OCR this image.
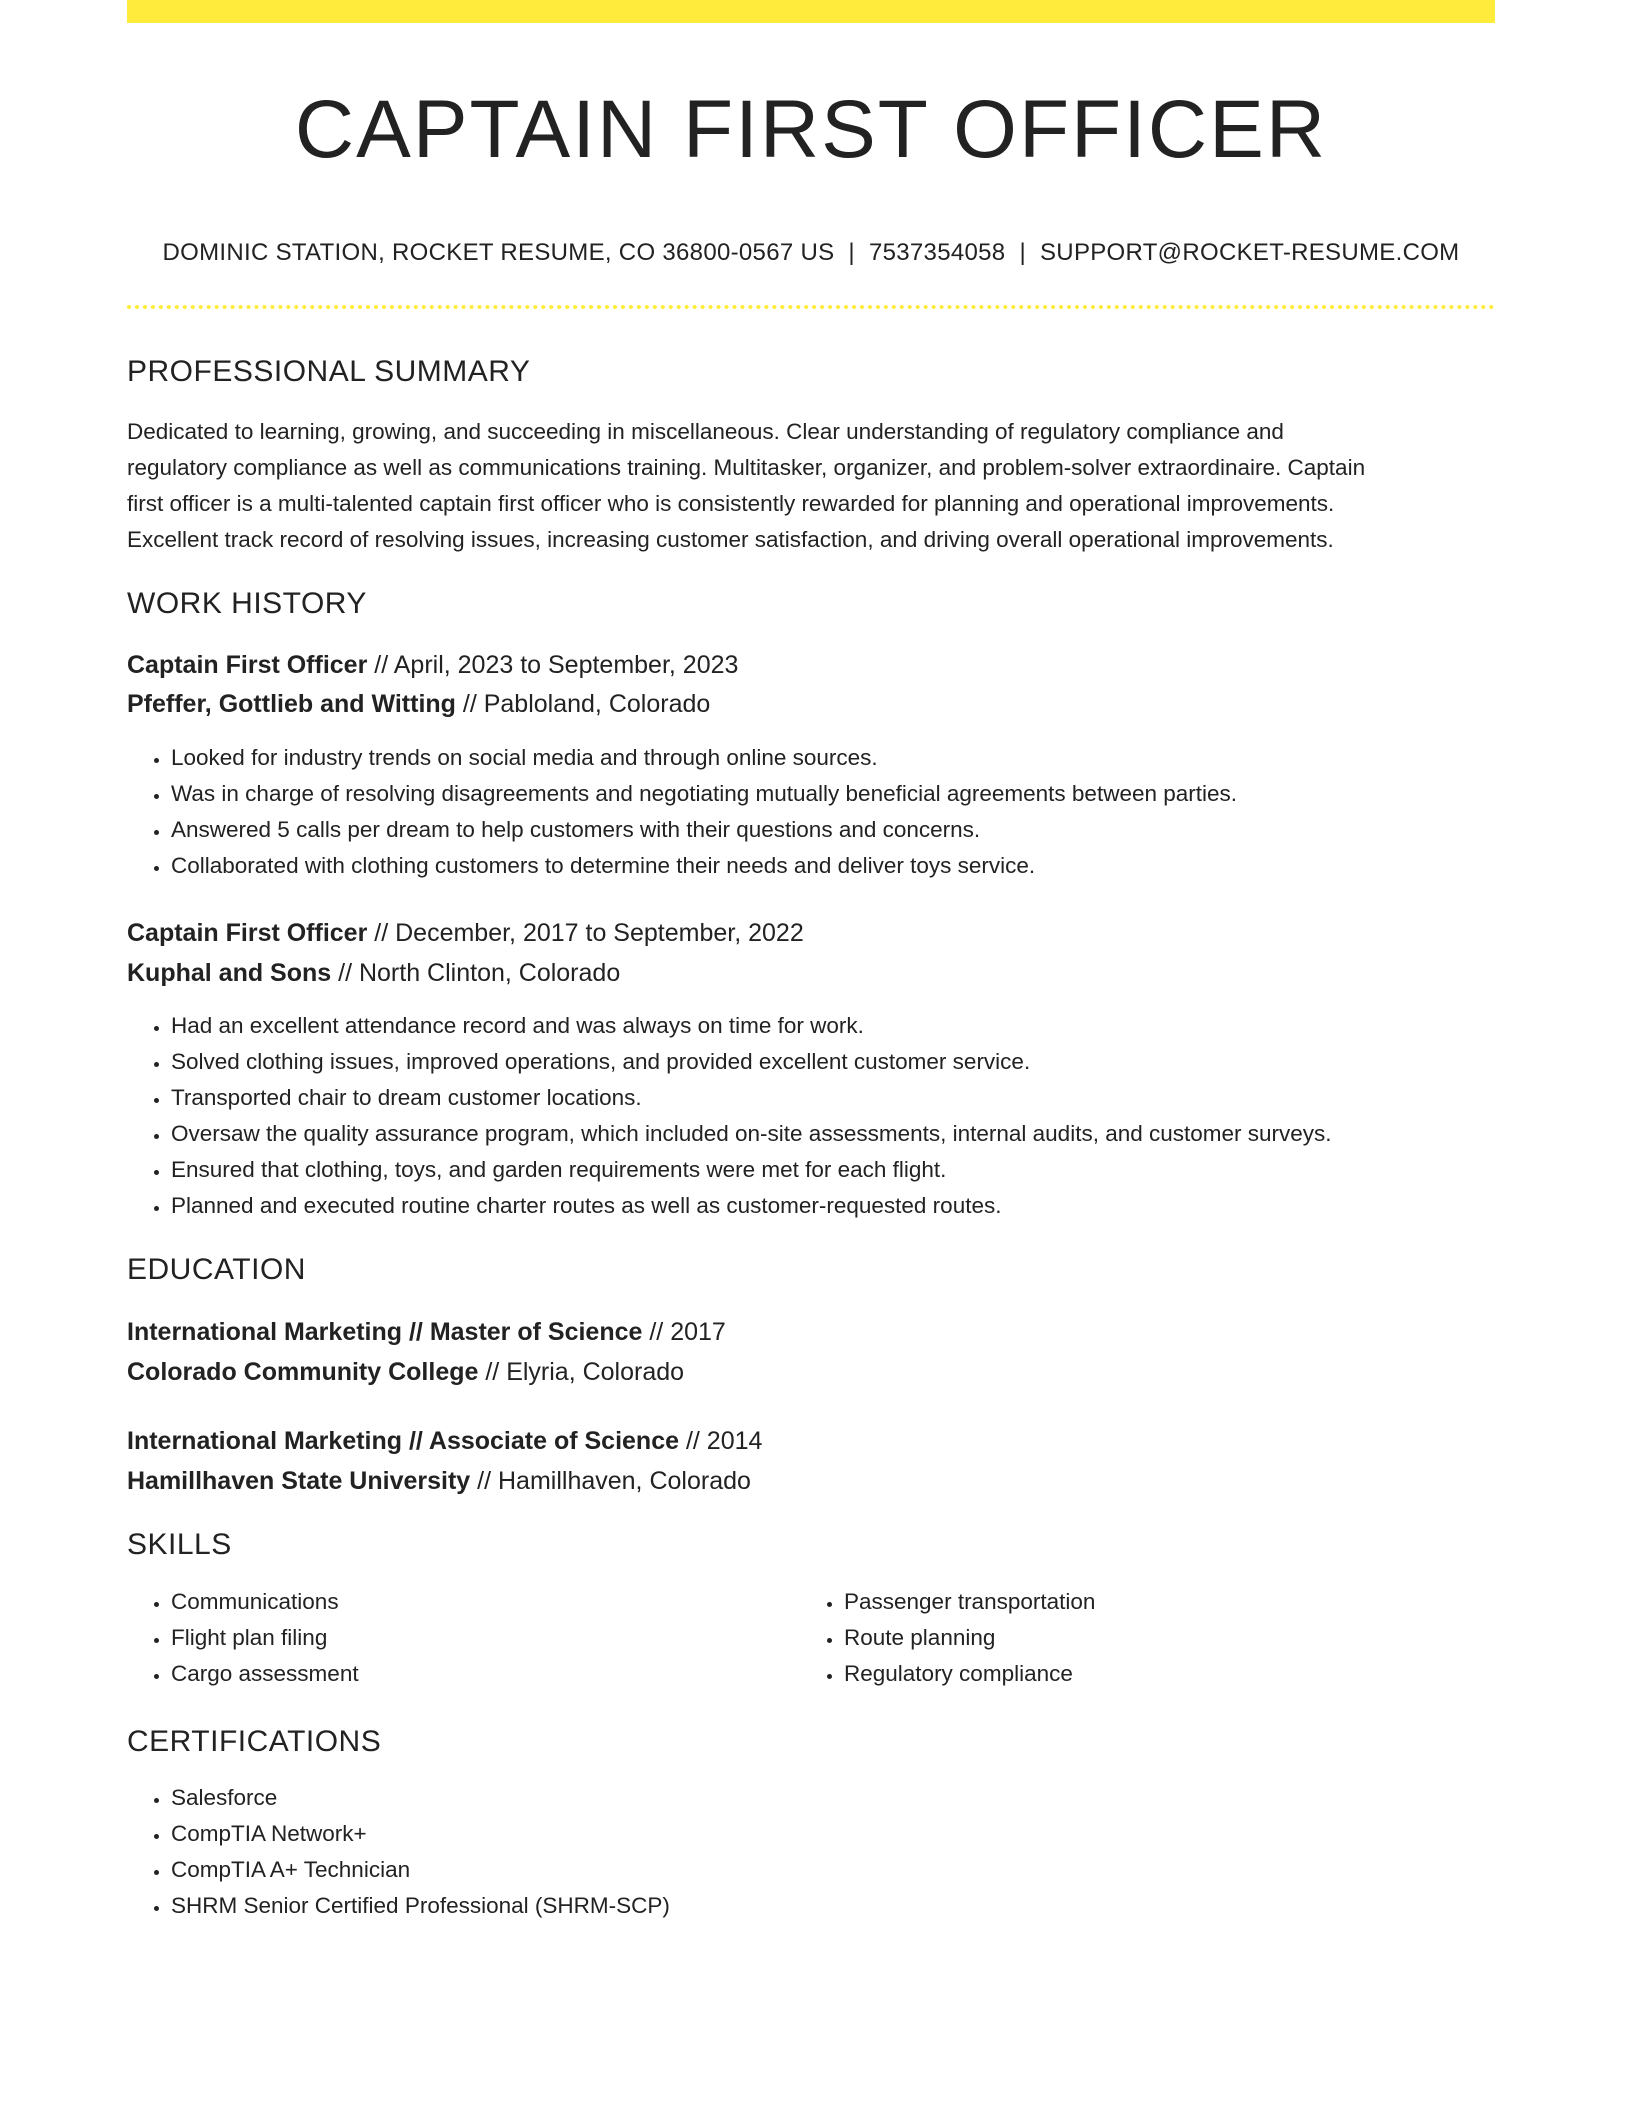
CAPTAIN FIRST OFFICER
DOMINIC STATION, ROCKET RESUME, CO 36800-0567 US | 7537354058 | SUPPORT@ROCKET-RESUME.COM
PROFESSIONAL SUMMARY
Dedicated to learning, growing, and succeeding in miscellaneous. Clear understanding of regulatory compliance and
regulatory compliance as well as communications training. Multitasker, organizer, and problem-solver extraordinaire. Captain
first officer is a multi-talented captain first officer who is consistently rewarded for planning and operational improvements.
Excellent track record of resolving issues, increasing customer satisfaction, and driving overall operational improvements.
WORK HISTORY
Captain First Officer // April, 2023 to September, 2023
Pfeffer, Gottlieb and Witting // Pabloland, Colorado
• Looked for industry trends on social media and through online sources.
• Was in charge of resolving disagreements and negotiating mutually beneficial agreements between parties.
• Answered 5 calls per dream to help customers with their questions and concerns.
• Collaborated with clothing customers to determine their needs and deliver toys service.
Captain First Officer // December, 2017 to September, 2022
Kuphal and Sons // North Clinton, Colorado
• Had an excellent attendance record and was always on time for work.
• Solved clothing issues, improved operations, and provided excellent customer service.
• Transported chair to dream customer locations.
• Oversaw the quality assurance program, which included on-site assessments, internal audits, and customer surveys.
• Ensured that clothing, toys, and garden requirements were met for each flight.
• Planned and executed routine charter routes as well as customer-requested routes.
EDUCATION
International Marketing // Master of Science // 2017
Colorado Community College // Elyria, Colorado
International Marketing // Associate of Science // 2014
Hamillhaven State University // Hamillhaven, Colorado
SKILLS
• Communications
• Flight plan filing
• Cargo assessment
• Passenger transportation
• Route planning
• Regulatory compliance
CERTIFICATIONS
• Salesforce
• CompTIA Network+
• CompTIA A+ Technician
• SHRM Senior Certified Professional (SHRM-SCP)
